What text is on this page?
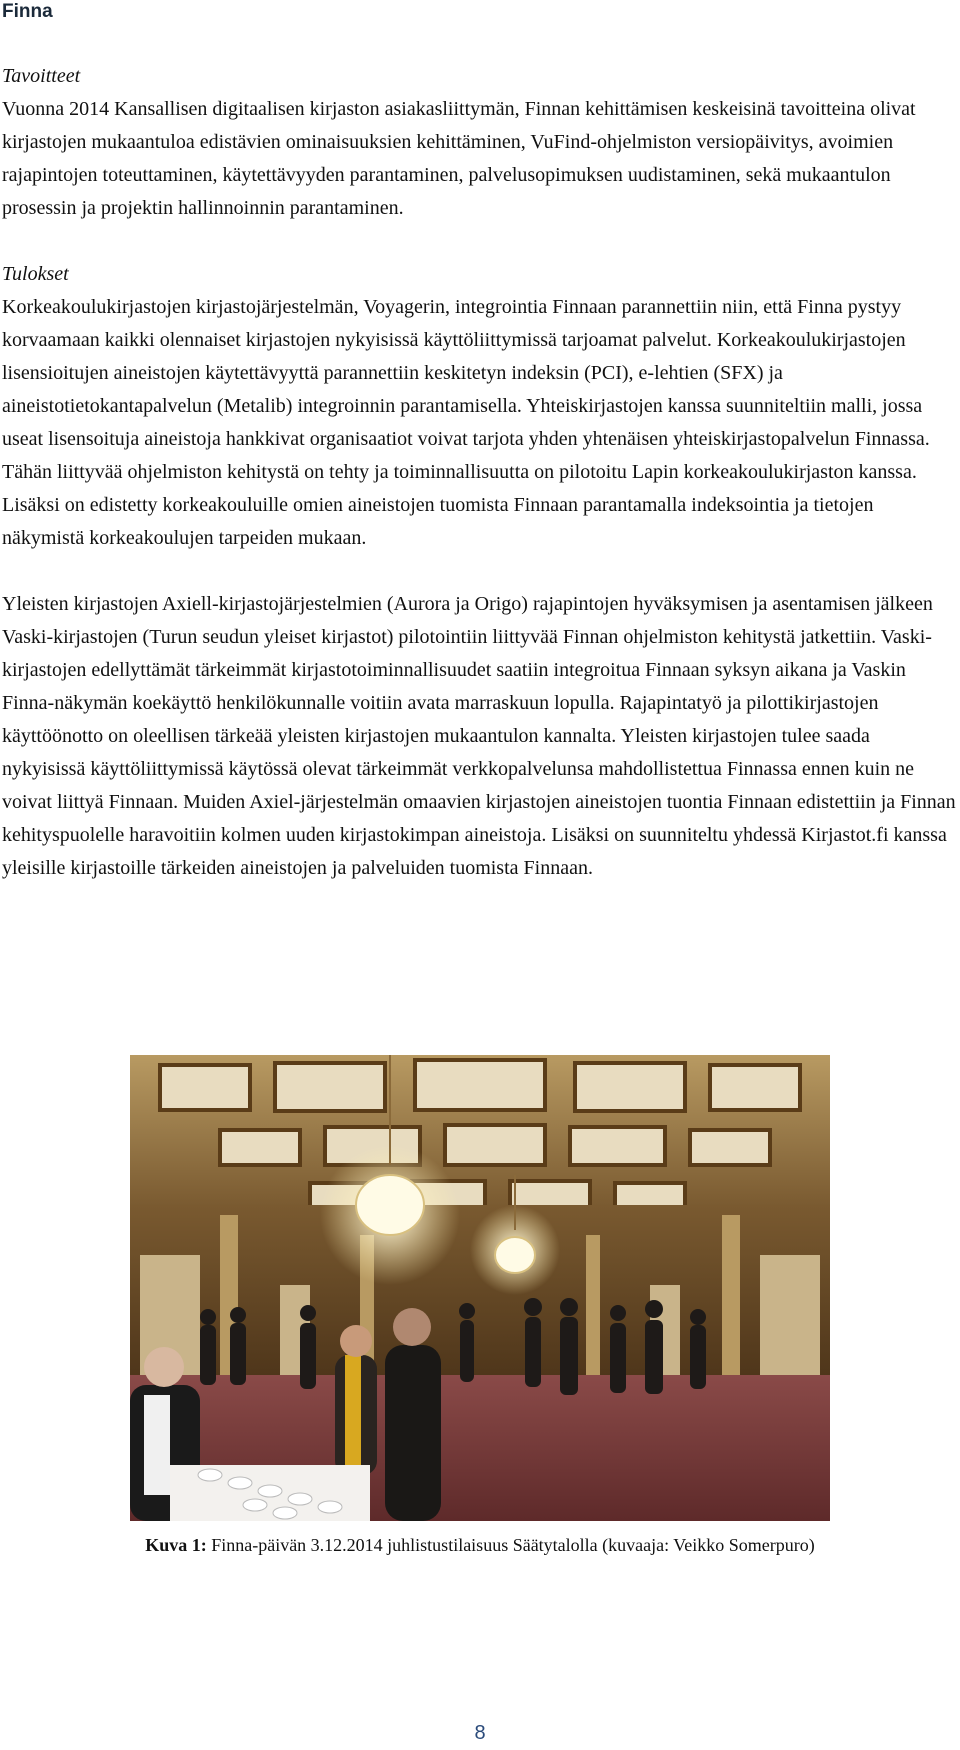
Finna

Tavoitteet

Vuonna 2014 Kansallisen digitaalisen kirjaston asiakasliittymän, Finnan kehittämisen keskeisinä tavoitteina olivat kirjastojen mukaantuloa edistävien ominaisuuksien kehittäminen, VuFind-ohjelmiston versiopäivitys, avoimien rajapintojen toteuttaminen, käytettävyyden parantaminen, palvelusopimuksen uudistaminen, sekä mukaantulon prosessin ja projektin hallinnoinnin parantaminen.

Tulokset

Korkeakoulukirjastojen kirjastojärjestelmän, Voyagerin, integrointia Finnaan parannettiin niin, että Finna pystyy korvaamaan kaikki olennaiset kirjastojen nykyisissä käyttöliittymissä tarjoamat palvelut. Korkeakoulukirjastojen lisensioitujen aineistojen käytettävyyttä parannettiin keskitetyn indeksin (PCI), e-lehtien (SFX) ja aineistotietokantapalvelun (Metalib) integroinnin parantamisella. Yhteiskirjastojen kanssa suunniteltiin malli, jossa useat lisensoituja aineistoja hankkivat organisaatiot voivat tarjota yhden yhtenäisen yhteiskirjastopalvelun Finnassa. Tähän liittyvää ohjelmiston kehitystä on tehty ja toiminnallisuutta on pilotoitu Lapin korkeakoulukirjaston kanssa. Lisäksi on edistetty korkeakouluille omien aineistojen tuomista Finnaan parantamalla indeksointia ja tietojen näkymistä korkeakoulujen tarpeiden mukaan.

Yleisten kirjastojen Axiell-kirjastojärjestelmien (Aurora ja Origo) rajapintojen hyväksymisen ja asentamisen jälkeen Vaski-kirjastojen (Turun seudun yleiset kirjastot) pilotointiin liittyvää Finnan ohjelmiston kehitystä jatkettiin. Vaski-kirjastojen edellyttämät tärkeimmät kirjastotoiminnallisuudet saatiin integroitua Finnaan syksyn aikana ja Vaskin Finna-näkymän koekäyttö henkilökunnalle voitiin avata marraskuun lopulla. Rajapintatyö ja pilottikirjastojen käyttöönotto on oleellisen tärkeää yleisten kirjastojen mukaantulon kannalta. Yleisten kirjastojen tulee saada nykyisissä käyttöliittymissä käytössä olevat tärkeimmät verkkopalvelunsa mahdollistettua Finnassa ennen kuin ne voivat liittyä Finnaan. Muiden Axiel-järjestelmän omaavien kirjastojen aineistojen tuontia Finnaan edistettiin ja Finnan kehityspuolelle haravoitiin kolmen uuden kirjastokimpan aineistoja. Lisäksi on suunniteltu yhdessä Kirjastot.fi kanssa yleisille kirjastoille tärkeiden aineistojen ja palveluiden tuomista Finnaan.

Kuva 1: Finna-päivän 3.12.2014 juhlistustilaisuus Säätytalolla (kuvaaja: Veikko Somerpuro)
8
